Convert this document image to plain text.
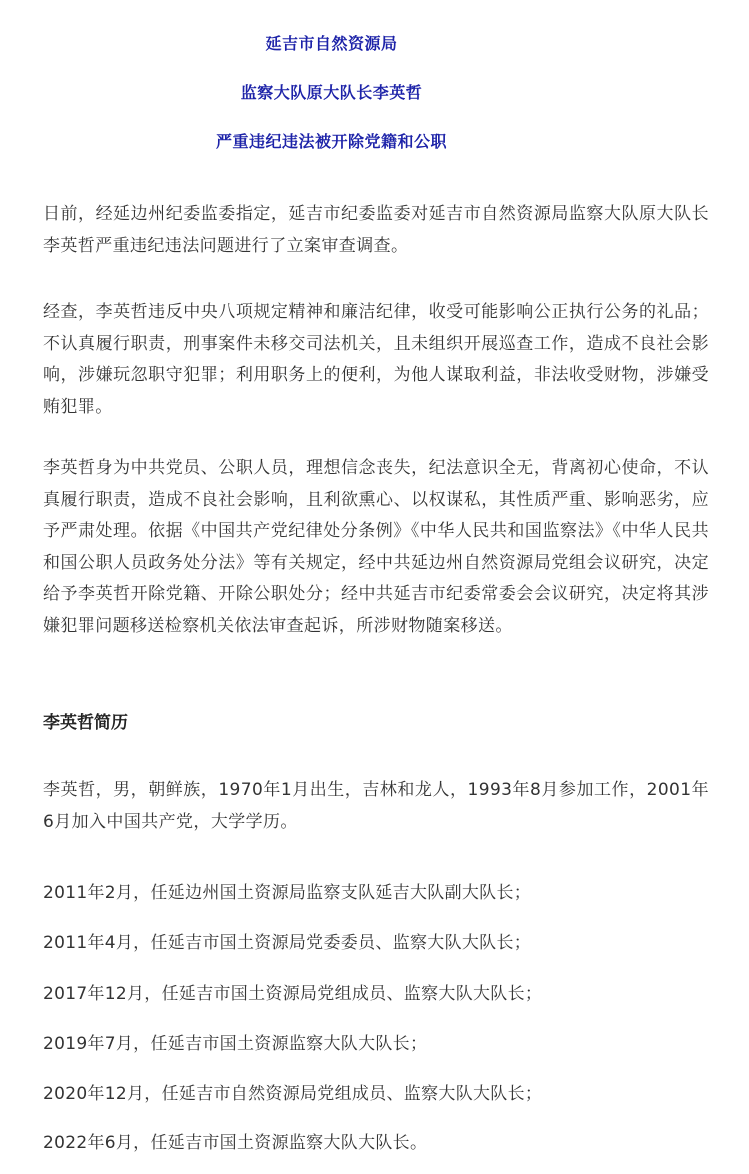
延吉市自然资源局
监察大队原大队长李英哲
严重违纪违法被开除党籍和公职

日前，经延边州纪委监委指定，延吉市纪委监委对延吉市自然资源局监察大队原大队长李英哲严重违纪违法问题进行了立案审查调查。

经查，李英哲违反中央八项规定精神和廉洁纪律，收受可能影响公正执行公务的礼品；不认真履行职责，刑事案件未移交司法机关，且未组织开展巡查工作，造成不良社会影响，涉嫌玩忽职守犯罪；利用职务上的便利，为他人谋取利益，非法收受财物，涉嫌受贿犯罪。

李英哲身为中共党员、公职人员，理想信念丧失，纪法意识全无，背离初心使命，不认真履行职责，造成不良社会影响，且利欲熏心、以权谋私，其性质严重、影响恶劣，应予严肃处理。依据《中国共产党纪律处分条例》《中华人民共和国监察法》《中华人民共和国公职人员政务处分法》等有关规定，经中共延边州自然资源局党组会议研究，决定给予李英哲开除党籍、开除公职处分；经中共延吉市纪委常委会会议研究，决定将其涉嫌犯罪问题移送检察机关依法审查起诉，所涉财物随案移送。

李英哲简历

李英哲，男，朝鲜族，1970年1月出生，吉林和龙人，1993年8月参加工作，2001年6月加入中国共产党，大学学历。

2011年2月，任延边州国土资源局监察支队延吉大队副大队长；
2011年4月，任延吉市国土资源局党委委员、监察大队大队长；
2017年12月，任延吉市国土资源局党组成员、监察大队大队长；
2019年7月，任延吉市国土资源监察大队大队长；
2020年12月，任延吉市自然资源局党组成员、监察大队大队长；
2022年6月，任延吉市国土资源监察大队大队长。
